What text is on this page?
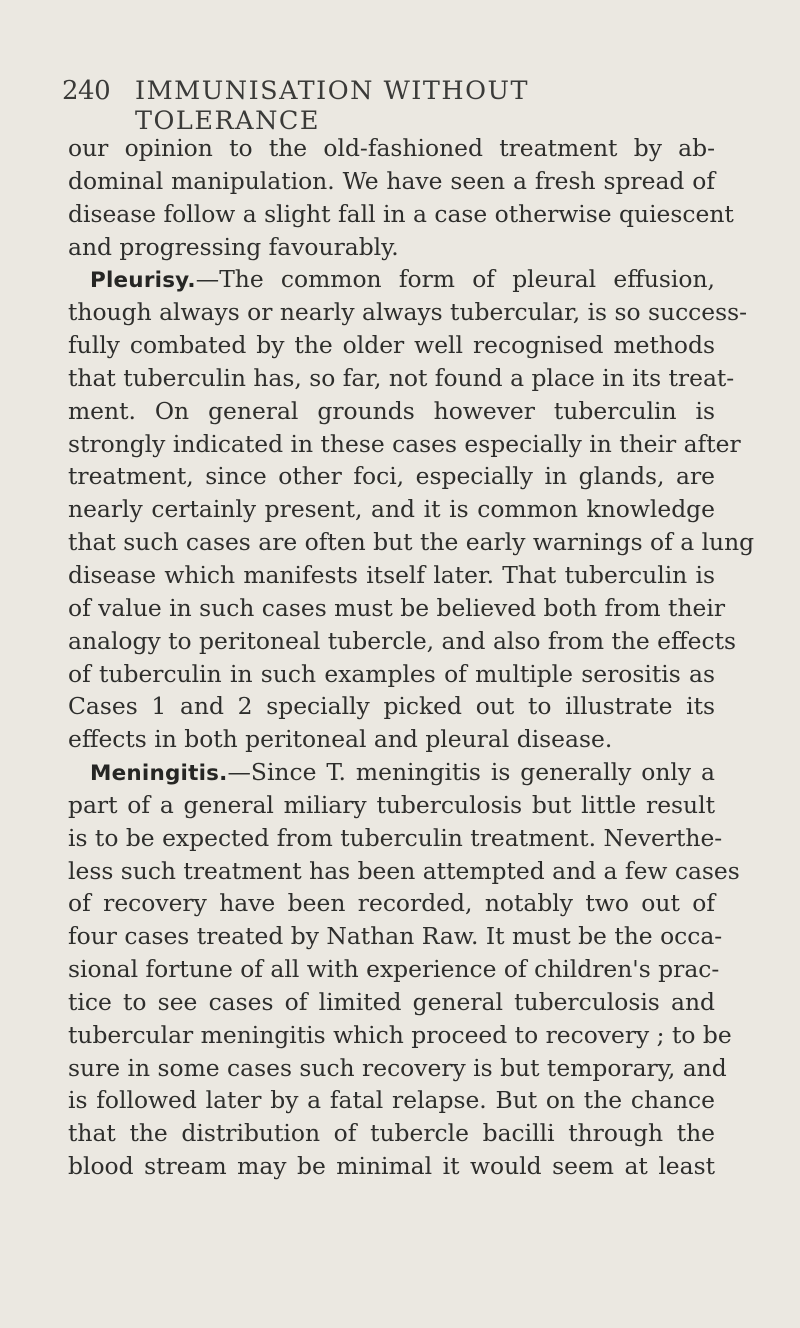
240 IMMUNISATION WITHOUT TOLERANCE
our opinion to the old-fashioned treatment by ab-
dominal manipulation. We have seen a fresh spread of
disease follow a slight fall in a case otherwise quiescent
and progressing favourably.
Pleurisy.—The common form of pleural effusion,
though always or nearly always tubercular, is so success-
fully combated by the older well recognised methods
that tuberculin has, so far, not found a place in its treat-
ment. On general grounds however tuberculin is
strongly indicated in these cases especially in their after
treatment, since other foci, especially in glands, are
nearly certainly present, and it is common knowledge
that such cases are often but the early warnings of a lung
disease which manifests itself later. That tuberculin is
of value in such cases must be believed both from their
analogy to peritoneal tubercle, and also from the effects
of tuberculin in such examples of multiple serositis as
Cases 1 and 2 specially picked out to illustrate its
effects in both peritoneal and pleural disease.
Meningitis.—Since T. meningitis is generally only a
part of a general miliary tuberculosis but little result
is to be expected from tuberculin treatment. Neverthe-
less such treatment has been attempted and a few cases
of recovery have been recorded, notably two out of
four cases treated by Nathan Raw. It must be the occa-
sional fortune of all with experience of children's prac-
tice to see cases of limited general tuberculosis and
tubercular meningitis which proceed to recovery ; to be
sure in some cases such recovery is but temporary, and
is followed later by a fatal relapse. But on the chance
that the distribution of tubercle bacilli through the
blood stream may be minimal it would seem at least
